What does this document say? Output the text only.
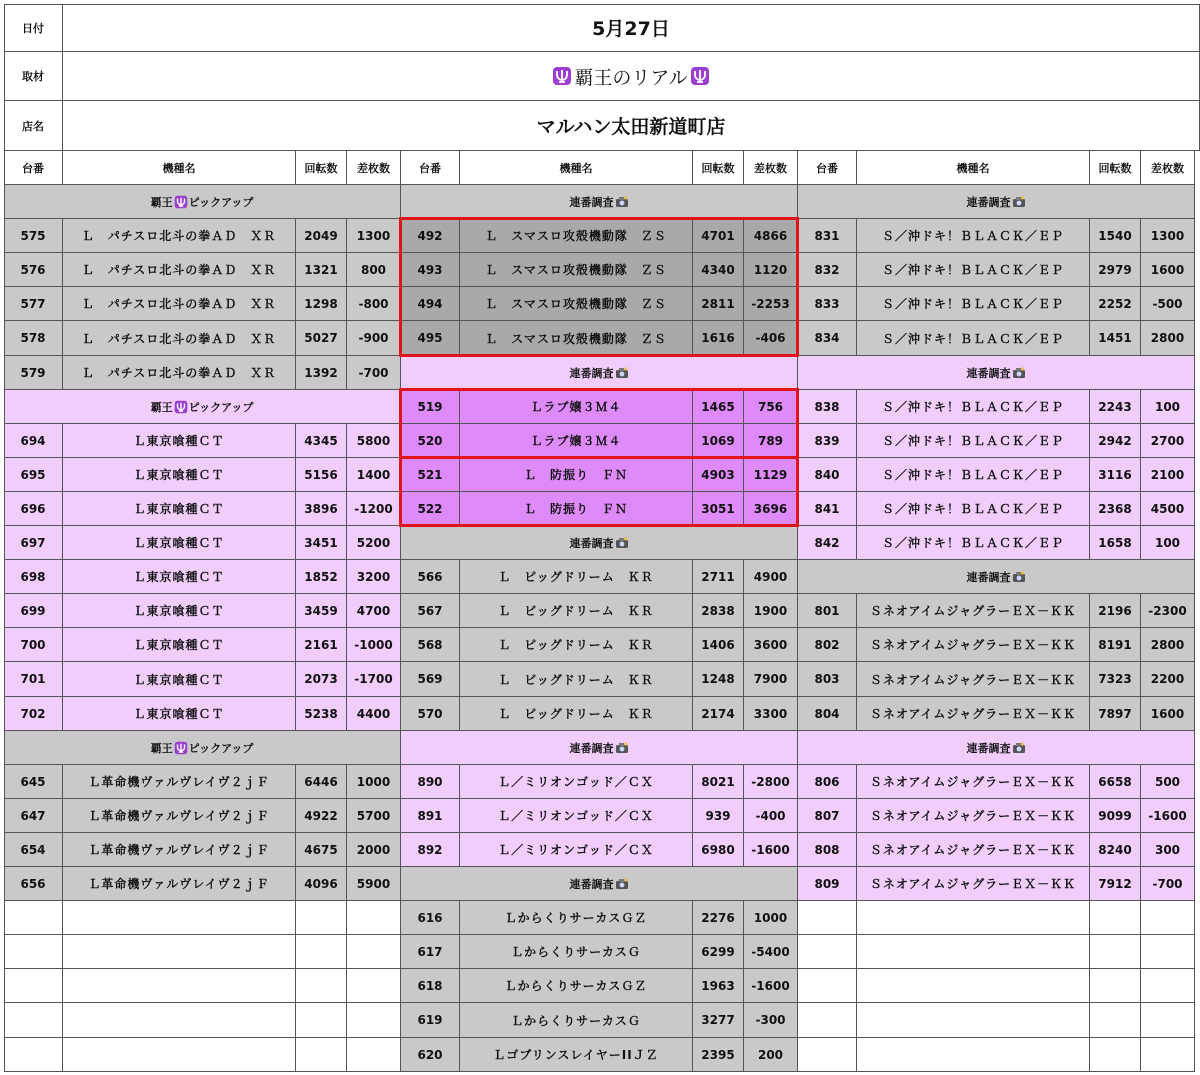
日付	5月27日
取材	覇王のリアル
店名	マルハン太田新道町店
台番	機種名	回転数	差枚数	台番	機種名	回転数	差枚数	台番	機種名	回転数	差枚数
覇王 ピックアップ
575	Ｌ　パチスロ北斗の拳ＡＤ　ＸＲ	2049	1300
576	Ｌ　パチスロ北斗の拳ＡＤ　ＸＲ	1321	800
577	Ｌ　パチスロ北斗の拳ＡＤ　ＸＲ	1298	-800
578	Ｌ　パチスロ北斗の拳ＡＤ　ＸＲ	5027	-900
579	Ｌ　パチスロ北斗の拳ＡＤ　ＸＲ	1392	-700
覇王 ピックアップ
694	Ｌ東京喰種ＣＴ	4345	5800
695	Ｌ東京喰種ＣＴ	5156	1400
696	Ｌ東京喰種ＣＴ	3896	-1200
697	Ｌ東京喰種ＣＴ	3451	5200
698	Ｌ東京喰種ＣＴ	1852	3200
699	Ｌ東京喰種ＣＴ	3459	4700
700	Ｌ東京喰種ＣＴ	2161	-1000
701	Ｌ東京喰種ＣＴ	2073	-1700
702	Ｌ東京喰種ＣＴ	5238	4400
覇王 ピックアップ
645	Ｌ革命機ヴァルヴレイヴ２ｊＦ	6446	1000
647	Ｌ革命機ヴァルヴレイヴ２ｊＦ	4922	5700
654	Ｌ革命機ヴァルヴレイヴ２ｊＦ	4675	2000
656	Ｌ革命機ヴァルヴレイヴ２ｊＦ	4096	5900
連番調査
492	Ｌ　スマスロ攻殻機動隊　ＺＳ	4701	4866
493	Ｌ　スマスロ攻殻機動隊　ＺＳ	4340	1120
494	Ｌ　スマスロ攻殻機動隊　ＺＳ	2811	-2253
495	Ｌ　スマスロ攻殻機動隊　ＺＳ	1616	-406
連番調査
519	Ｌラブ嬢３Ｍ４	1465	756
520	Ｌラブ嬢３Ｍ４	1069	789
521	Ｌ　防振り　ＦＮ	4903	1129
522	Ｌ　防振り　ＦＮ	3051	3696
連番調査
566	Ｌ　ビッグドリーム　ＫＲ	2711	4900
567	Ｌ　ビッグドリーム　ＫＲ	2838	1900
568	Ｌ　ビッグドリーム　ＫＲ	1406	3600
569	Ｌ　ビッグドリーム　ＫＲ	1248	7900
570	Ｌ　ビッグドリーム　ＫＲ	2174	3300
連番調査
890	Ｌ／ミリオンゴッド／ＣＸ	8021	-2800
891	Ｌ／ミリオンゴッド／ＣＸ	939	-400
892	Ｌ／ミリオンゴッド／ＣＸ	6980	-1600
連番調査
616	ＬからくりサーカスＧＺ	2276	1000
617	ＬからくりサーカスＧ	6299	-5400
618	ＬからくりサーカスＧＺ	1963	-1600
619	ＬからくりサーカスＧ	3277	-300
620	ＬゴブリンスレイヤーIIＪＺ	2395	200
連番調査
831	Ｓ／沖ドキ！ＢＬＡＣＫ／ＥＰ	1540	1300
832	Ｓ／沖ドキ！ＢＬＡＣＫ／ＥＰ	2979	1600
833	Ｓ／沖ドキ！ＢＬＡＣＫ／ＥＰ	2252	-500
834	Ｓ／沖ドキ！ＢＬＡＣＫ／ＥＰ	1451	2800
連番調査
838	Ｓ／沖ドキ！ＢＬＡＣＫ／ＥＰ	2243	100
839	Ｓ／沖ドキ！ＢＬＡＣＫ／ＥＰ	2942	2700
840	Ｓ／沖ドキ！ＢＬＡＣＫ／ＥＰ	3116	2100
841	Ｓ／沖ドキ！ＢＬＡＣＫ／ＥＰ	2368	4500
842	Ｓ／沖ドキ！ＢＬＡＣＫ／ＥＰ	1658	100
連番調査
801	ＳネオアイムジャグラーＥＸ－ＫＫ	2196	-2300
802	ＳネオアイムジャグラーＥＸ－ＫＫ	8191	2800
803	ＳネオアイムジャグラーＥＸ－ＫＫ	7323	2200
804	ＳネオアイムジャグラーＥＸ－ＫＫ	7897	1600
連番調査
806	ＳネオアイムジャグラーＥＸ－ＫＫ	6658	500
807	ＳネオアイムジャグラーＥＸ－ＫＫ	9099	-1600
808	ＳネオアイムジャグラーＥＸ－ＫＫ	8240	300
809	ＳネオアイムジャグラーＥＸ－ＫＫ	7912	-700
